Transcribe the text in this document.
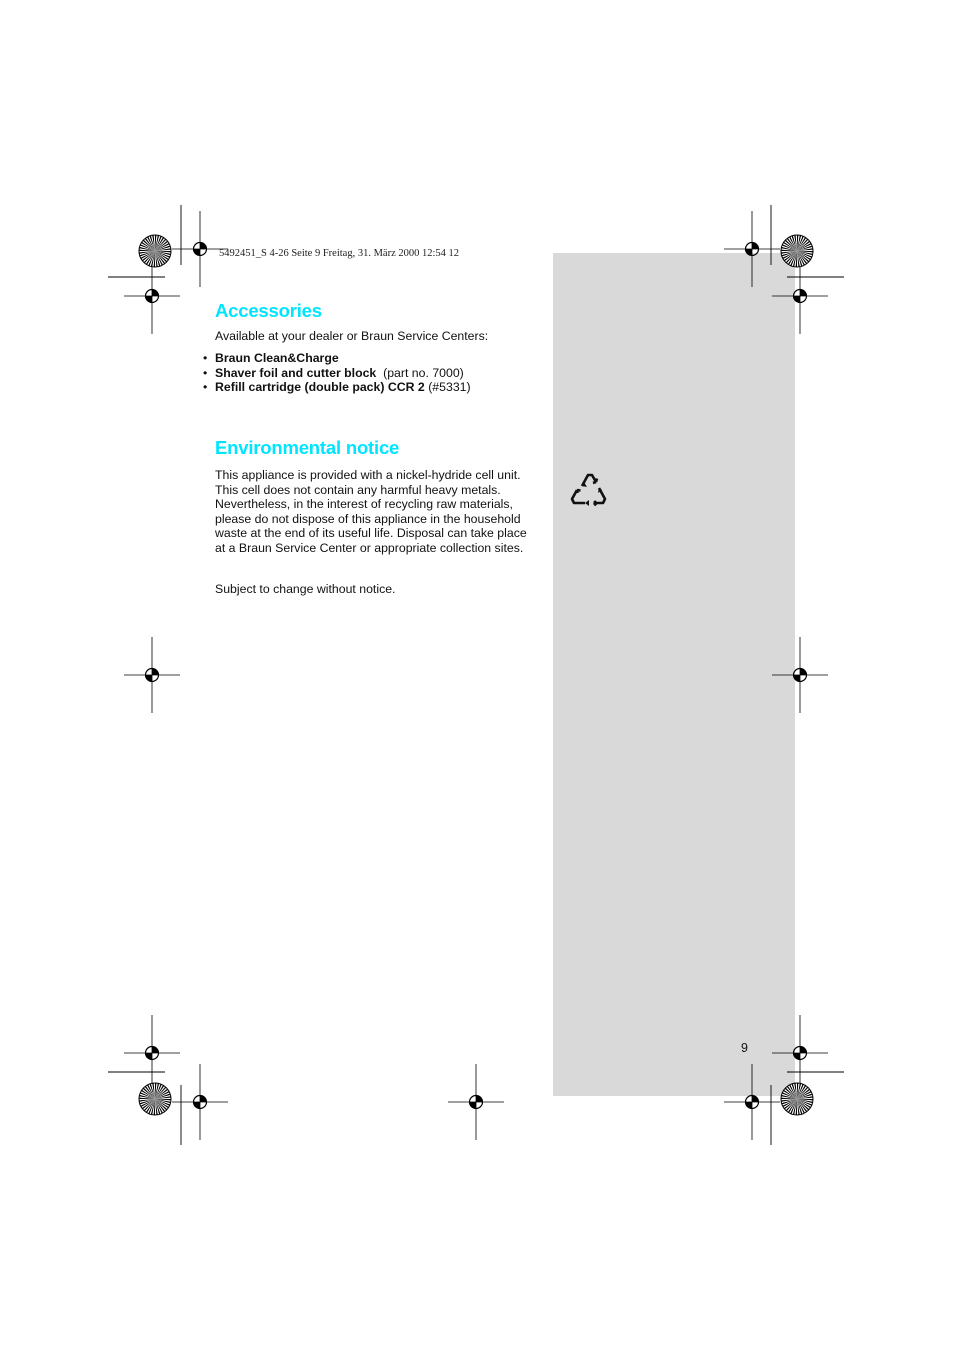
5492451_S 4-26 Seite 9 Freitag, 31. März 2000 12:54 12
Accessories
Available at your dealer or Braun Service Centers:
• Braun Clean&Charge
• Shaver foil and cutter block (part no. 7000)
• Refill cartridge (double pack) CCR 2 (#5331)
Environmental notice
This appliance is provided with a nickel-hydride cell unit.
This cell does not contain any harmful heavy metals.
Nevertheless, in the interest of recycling raw materials,
please do not dispose of this appliance in the household
waste at the end of its useful life. Disposal can take place
at a Braun Service Center or appropriate collection sites.
Subject to change without notice.
9
